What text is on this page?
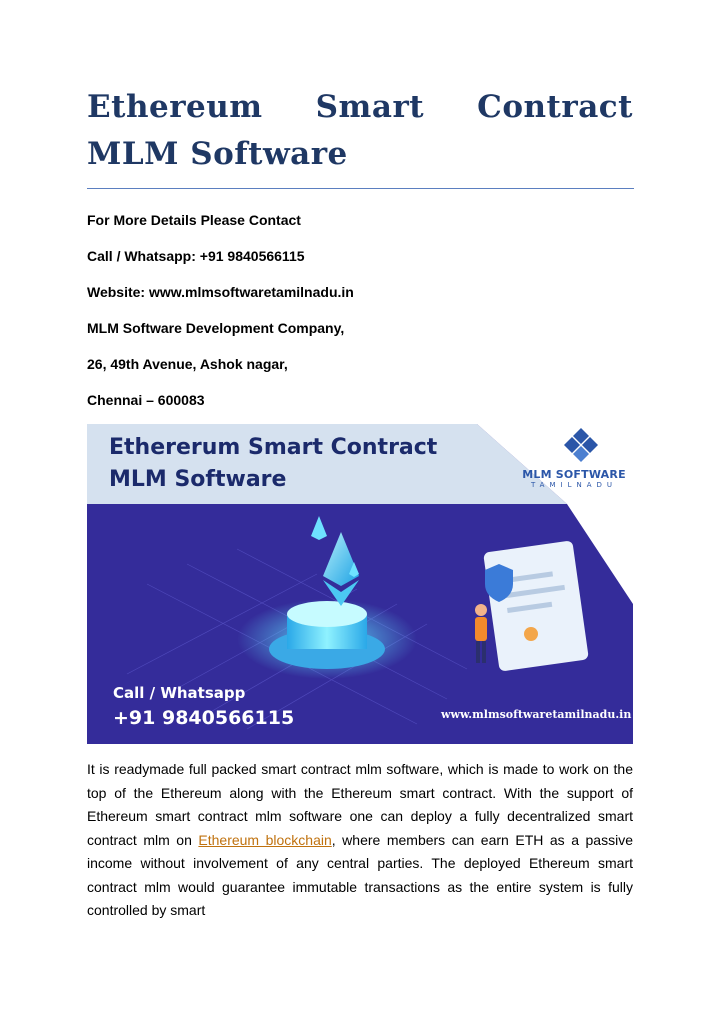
Ethereum Smart Contract MLM Software

For More Details Please Contact

Call / Whatsapp: +91 9840566115

Website: www.mlmsoftwaretamilnadu.in

MLM Software Development Company,

26, 49th Avenue, Ashok nagar,

Chennai – 600083

Ethererum Smart Contract MLM Software	MLM SOFTWARE
TAMILNADU
Call / Whatsapp
+91 9840566115	www.mlmsoftwaretamilnadu.in

It is readymade full packed smart contract mlm software, which is made to work on the top of the Ethereum along with the Ethereum smart contract. With the support of Ethereum smart contract mlm software one can deploy a fully decentralized smart contract mlm on Ethereum blockchain, where members can earn ETH as a passive income without involvement of any central parties. The deployed Ethereum smart contract mlm would guarantee immutable transactions as the entire system is fully controlled by smart
